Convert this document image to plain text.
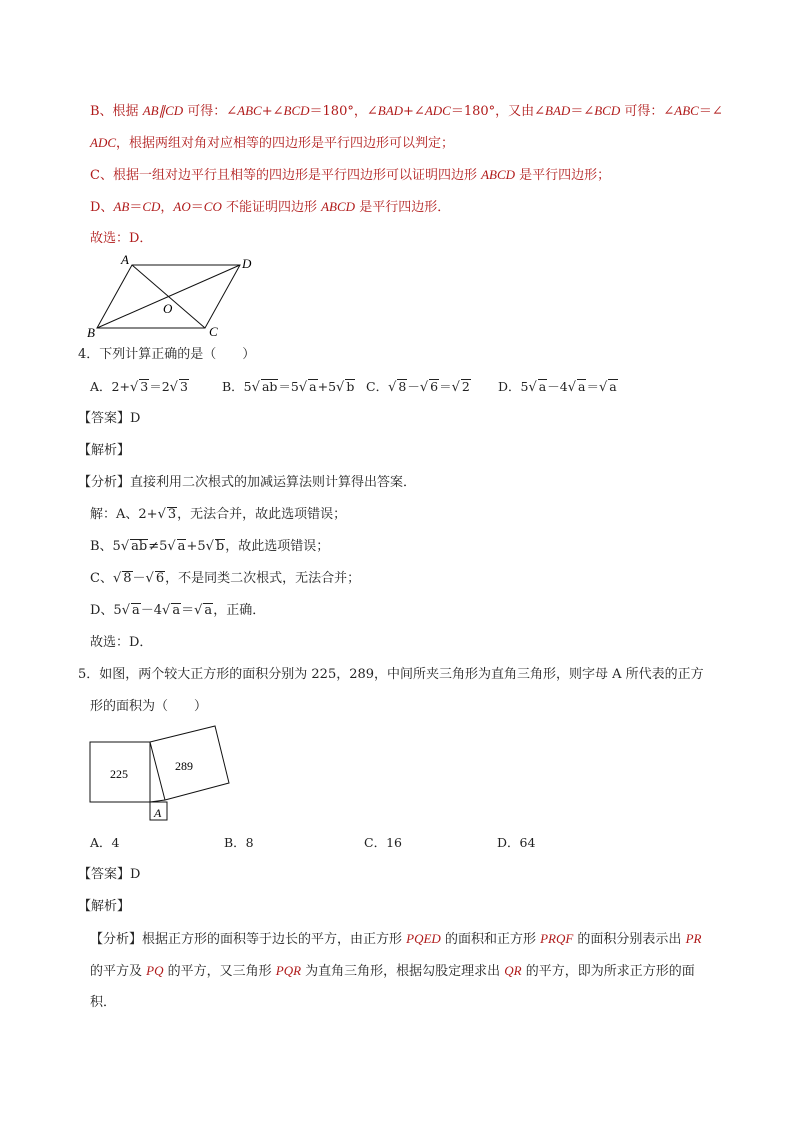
B、根据 AB∥CD 可得：∠ABC+∠BCD＝180°，∠BAD+∠ADC＝180°，又由∠BAD＝∠BCD 可得：∠ABC＝∠
ADC，根据两组对角对应相等的四边形是平行四边形可以判定；
C、根据一组对边平行且相等的四边形是平行四边形可以证明四边形 ABCD 是平行四边形；
D、AB＝CD，AO＝CO 不能证明四边形 ABCD 是平行四边形．
故选：D．
A	D
B	C
O
4．下列计算正确的是（　　）
A．2+√ 3＝2√ 3	B．5√ ab＝5√ a+5√ b C．√ 8－√ 6＝√ 2 D．5√ a－4√ a＝√ a
【答案】D
【解析】
【分析】直接利用二次根式的加减运算法则计算得出答案．
解：A、2+√ 3，无法合并，故此选项错误；
B、5√ ab≠5√ a+5√ b，故此选项错误；
C、√ 8－√ 6，不是同类二次根式，无法合并；
D、5√ a－4√ a＝√ a，正确．
故选：D．
5．如图，两个较大正方形的面积分别为 225，289，中间所夹三角形为直角三角形，则字母 A 所代表的正方
形的面积为（　　）
225
289
A
A．4	B．8	C．16	D．64
【答案】D
【解析】
【分析】根据正方形的面积等于边长的平方，由正方形 PQED 的面积和正方形 PRQF 的面积分别表示出 PR
的平方及 PQ 的平方，又三角形 PQR 为直角三角形，根据勾股定理求出 QR 的平方，即为所求正方形的面
积．
